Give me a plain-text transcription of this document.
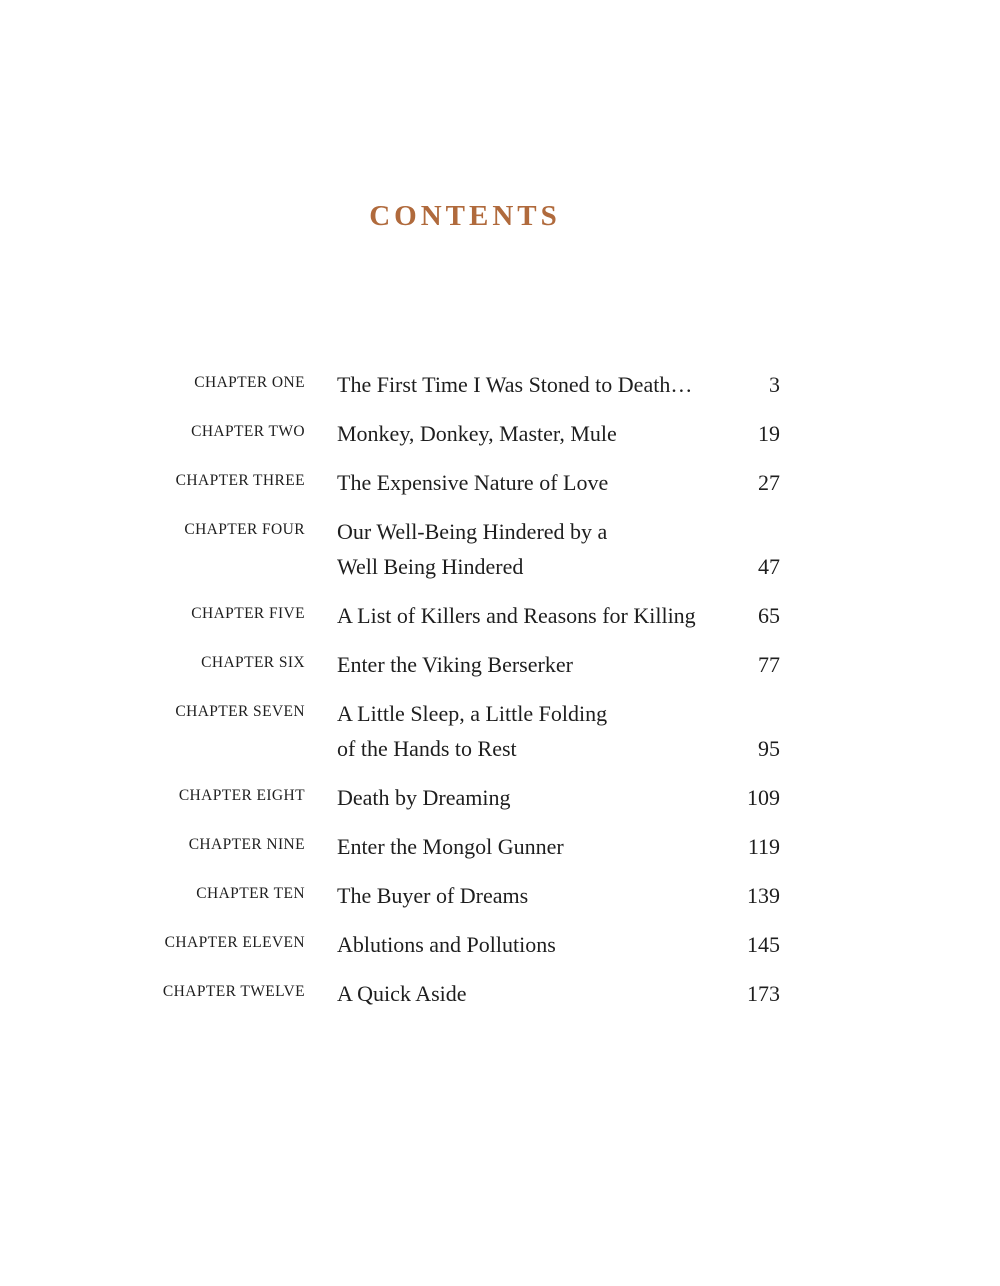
CONTENTS
CHAPTER ONE The First Time I Was Stoned to Death…	3
CHAPTER TWO Monkey, Donkey, Master, Mule	19
CHAPTER THREE The Expensive Nature of Love	27
CHAPTER FOUR Our Well-Being Hindered by a
Well Being Hindered	47
CHAPTER FIVE A List of Killers and Reasons for Killing	65
CHAPTER SIX Enter the Viking Berserker	77
CHAPTER SEVEN A Little Sleep, a Little Folding
of the Hands to Rest	95
CHAPTER EIGHT Death by Dreaming	109
CHAPTER NINE Enter the Mongol Gunner	119
CHAPTER TEN The Buyer of Dreams	139
CHAPTER ELEVEN Ablutions and Pollutions	145
CHAPTER TWELVE A Quick Aside	173
